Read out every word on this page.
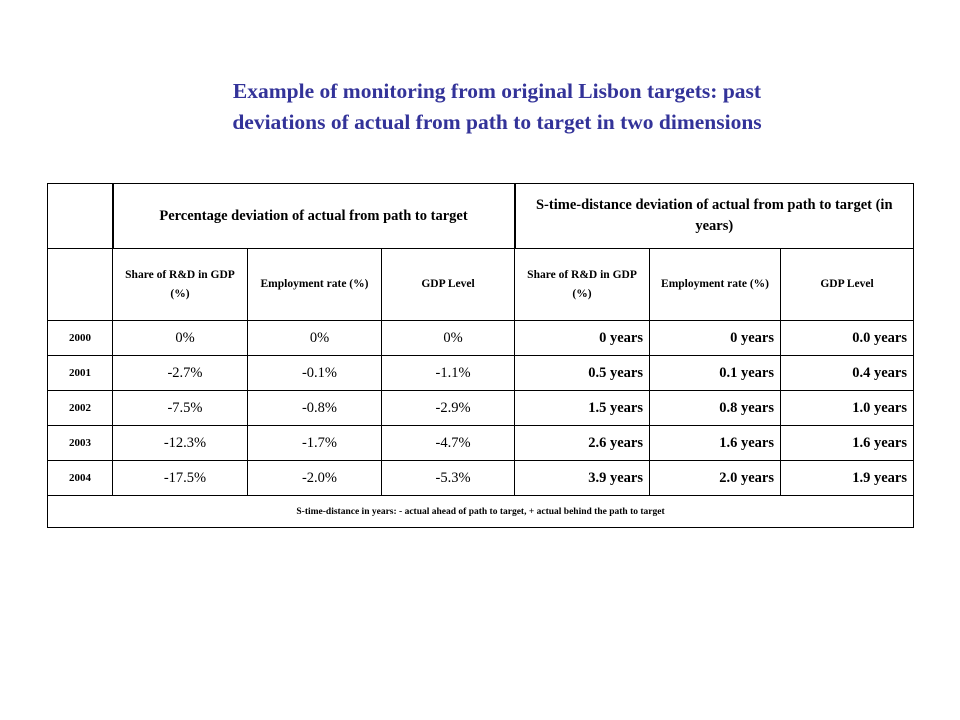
Example of monitoring from original Lisbon targets: past
deviations of actual from path to target in two dimensions
	Percentage deviation of actual from path to target			S-time-distance deviation of actual from path to target (in years)		
	Share of R&D in GDP (%)	Employment rate (%)	GDP Level	Share of R&D in GDP (%)	Employment rate (%)	GDP Level
2000	0%	0%	0%	0 years	0 years	0.0 years
2001	-2.7%	-0.1%	-1.1%	0.5 years	0.1 years	0.4 years
2002	-7.5%	-0.8%	-2.9%	1.5 years	0.8 years	1.0 years
2003	-12.3%	-1.7%	-4.7%	2.6 years	1.6 years	1.6 years
2004	-17.5%	-2.0%	-5.3%	3.9 years	2.0 years	1.9 years
S-time-distance in years: - actual ahead of path to target, + actual behind the path to target						
